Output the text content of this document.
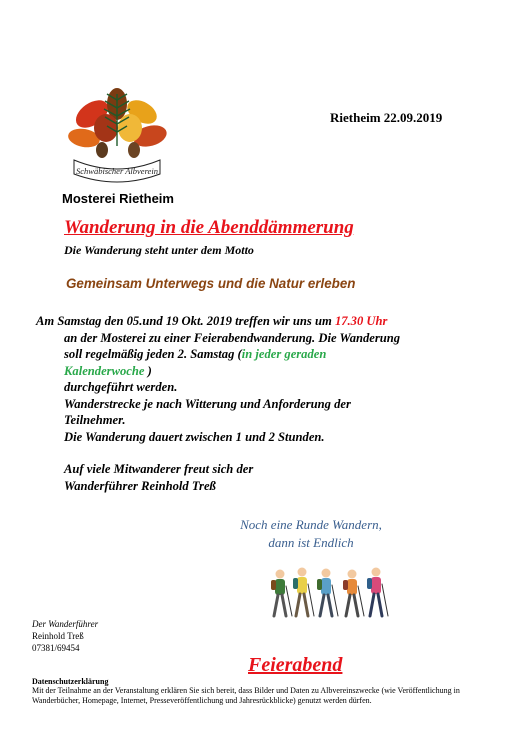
Schwäbischer Albverein
Mosterei Rietheim
Rietheim 22.09.2019
Wanderung in die Abenddämmerung
Die Wanderung steht unter dem Motto
Gemeinsam Unterwegs und die Natur erleben
Am Samstag den 05.und 19 Okt. 2019 treffen wir uns um 17.30 Uhr
an der Mosterei zu einer Feierabendwanderung. Die Wanderung
soll regelmäßig jeden 2. Samstag (in jeder geraden
Kalenderwoche )
durchgeführt werden.
Wanderstrecke je nach Witterung und Anforderung der
Teilnehmer.
Die Wanderung dauert zwischen 1 und 2 Stunden.
Auf viele Mitwanderer freut sich der
Wanderführer Reinhold Treß
Noch eine Runde Wandern,
dann ist Endlich
Der Wanderführer
Reinhold Treß
07381/69454
Feierabend
Datenschutzerklärung
Mit der Teilnahme an der Veranstaltung erklären Sie sich bereit, dass Bilder und Daten zu Albvereinszwecke (wie Veröffentlichung in Wanderbücher, Homepage, Internet, Presseveröffentlichung und Jahresrückblicke) genutzt werden dürfen.
